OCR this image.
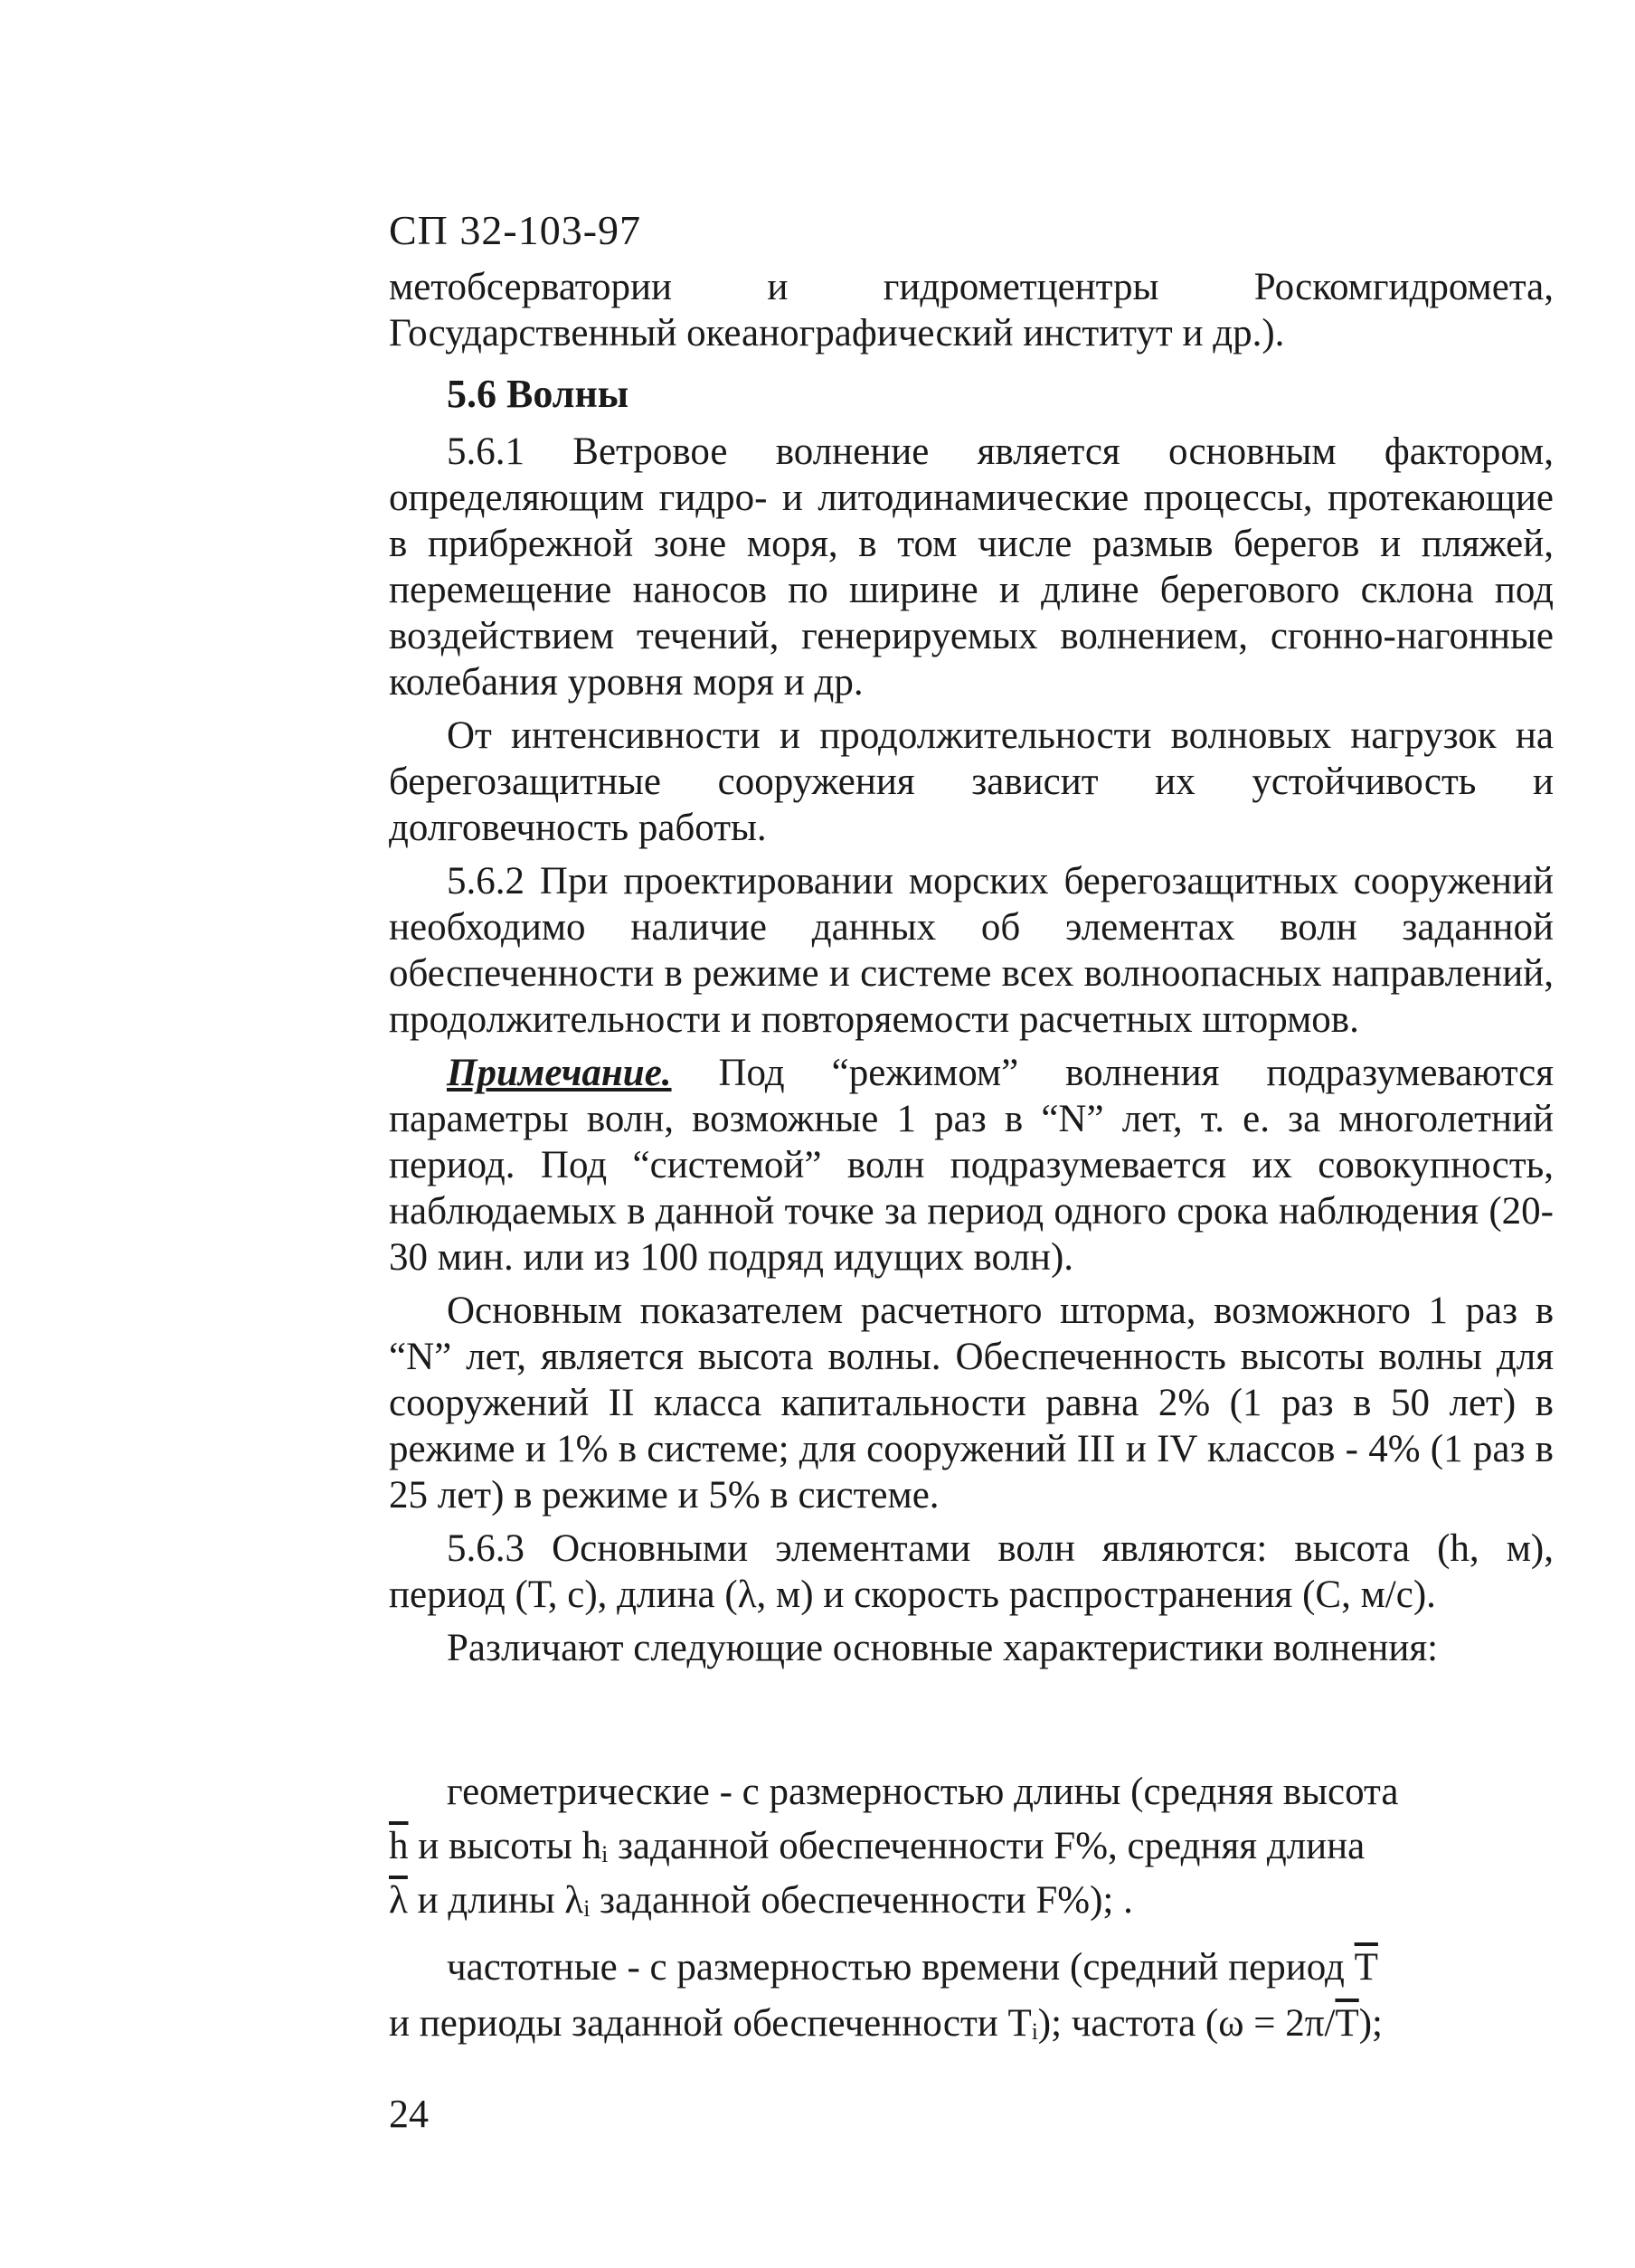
СП 32-103-97

метобсерватории и гидрометцентры Роскомгидромета, Государственный океанографический институт и др.).

5.6 Волны

5.6.1 Ветровое волнение является основным фактором, определяющим гидро- и литодинамические процессы, протекающие в прибрежной зоне моря, в том числе размыв берегов и пляжей, перемещение наносов по ширине и длине берегового склона под воздействием течений, генерируемых волнением, сгонно-нагонные колебания уровня моря и др.

От интенсивности и продолжительности волновых нагрузок на берегозащитные сооружения зависит их устойчивость и долговечность работы.

5.6.2 При проектировании морских берегозащитных сооружений необходимо наличие данных об элементах волн заданной обеспеченности в режиме и системе всех волноопасных направлений, продолжительности и повторяемости расчетных штормов.

Примечание. Под “режимом” волнения подразумеваются параметры волн, возможные 1 раз в “N” лет, т. е. за многолетний период. Под “системой” волн подразумевается их совокупность, наблюдаемых в данной точке за период одного срока наблюдения (20-30 мин. или из 100 подряд идущих волн).

Основным показателем расчетного шторма, возможного 1 раз в “N” лет, является высота волны. Обеспеченность высоты волны для сооружений II класса капитальности равна 2% (1 раз в 50 лет) в режиме и 1% в системе; для сооружений III и IV классов - 4% (1 раз в 25 лет) в режиме и 5% в системе.

5.6.3 Основными элементами волн являются: высота (h, м), период (Т, с), длина (λ, м) и скорость распространения (С, м/с).

Различают следующие основные характеристики волнения:

геометрические - с размерностью длины (средняя высота
$\overline{h}$ и высоты hᵢ заданной обеспеченности F%, средняя длина
$\overline{\lambda}$ и длины λᵢ заданной обеспеченности F%); .
частотные - с размерностью времени (средний период $\overline{T}$
и периоды заданной обеспеченности Tᵢ); частота $(\omega = 2\pi/\overline{T})$;
24
